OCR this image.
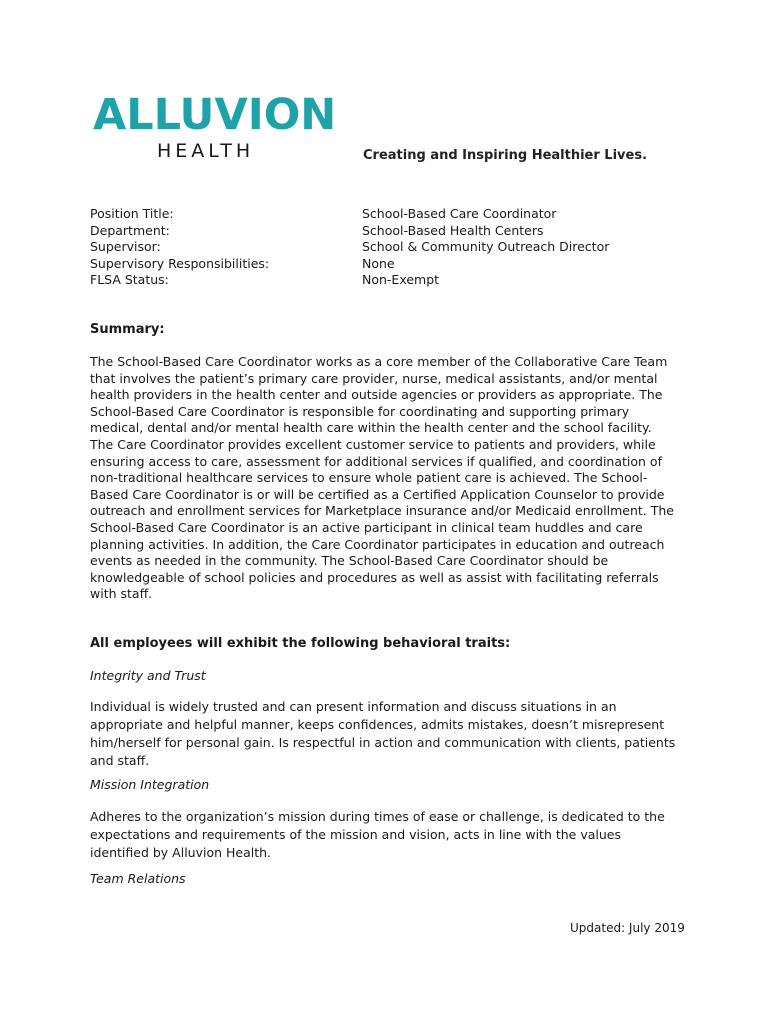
ALLUVION
HEALTH	Creating and Inspiring Healthier Lives.
Position Title:
Department:
Supervisor:
Supervisory Responsibilities:
FLSA Status:
School-Based Care Coordinator
School-Based Health Centers
School & Community Outreach Director
None
Non-Exempt
Summary:
The School-Based Care Coordinator works as a core member of the Collaborative Care Team
that involves the patient’s primary care provider, nurse, medical assistants, and/or mental
health providers in the health center and outside agencies or providers as appropriate. The
School-Based Care Coordinator is responsible for coordinating and supporting primary
medical, dental and/or mental health care within the health center and the school facility.
The Care Coordinator provides excellent customer service to patients and providers, while
ensuring access to care, assessment for additional services if qualified, and coordination of
non-traditional healthcare services to ensure whole patient care is achieved. The School-
Based Care Coordinator is or will be certified as a Certified Application Counselor to provide
outreach and enrollment services for Marketplace insurance and/or Medicaid enrollment. The
School-Based Care Coordinator is an active participant in clinical team huddles and care
planning activities. In addition, the Care Coordinator participates in education and outreach
events as needed in the community. The School-Based Care Coordinator should be
knowledgeable of school policies and procedures as well as assist with facilitating referrals
with staff.
All employees will exhibit the following behavioral traits:
Integrity and Trust
Individual is widely trusted and can present information and discuss situations in an
appropriate and helpful manner, keeps confidences, admits mistakes, doesn’t misrepresent
him/herself for personal gain. Is respectful in action and communication with clients, patients
and staff.
Mission Integration
Adheres to the organization’s mission during times of ease or challenge, is dedicated to the
expectations and requirements of the mission and vision, acts in line with the values
identified by Alluvion Health.
Team Relations
Updated: July 2019
